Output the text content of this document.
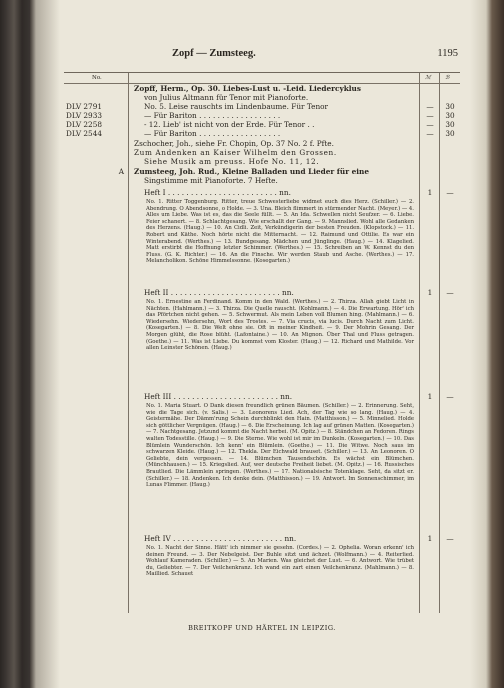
Zopf — Zumsteeg.	1195
No.	ℳ	ℬ
Zopff, Herm., Op. 30. Liebes-Lust u. -Leid. Liedercyklus
von Julius Altmann für Tenor mit Pianoforte.
DLV 2791	No. 5. Leise rauschts im Lindenbaume. Für Tenor	—	30
DLV 2933	— Für Bariton . . . . . . . . . . . . . . . . . .	—	30
DLV 2258	- 12. Lieb' ist nicht von der Erde. Für Tenor . .	—	30
DLV 2544	— Für Bariton . . . . . . . . . . . . . . . . . .	—	30
Zschocher, Joh., siehe Fr. Chopin, Op. 37 No. 2 f. Pfte.
Zum Andenken an Kaiser Wilhelm den Grossen.
Siehe Musik am preuss. Hofe No. 11, 12.
A Zumsteeg, Joh. Rud., Kleine Balladen und Lieder für eine
Singstimme mit Pianoforte. 7 Hefte.
Heft I . . . . . . . . . . . . . . . . . . . . . . . . nn.	1	—
No. 1. Ritter Toggenburg. Ritter, treue Schwesterliebe widmet euch dies Herz. (Schiller.) — 2. Abendrung. O Abendsonne, o Holde. — 3. Una. Bleich flimmert in stürmender Nacht. (Meyer.) — 4. Alles um Liebe. Was ist es, das die Seele füllt. — 5. An Ida. Schwellen nicht Seufzer. — 6. Liebe. Feier schanert. — 8. Schlachtgesang. Wie erschallt der Gang. — 9. Mannslied. Wohl alle Gedanken des Herzens. (Haug.) — 10. An Cidli. Zeit, Verkündigerin der besten Freuden. (Klopstock.) — 11. Robert und Käthe. Noch hörte nicht die Mitternacht. — 12. Raimund und Ottilie. Es war ein Winterabend. (Werthes.) — 13. Bundgesang. Mädchen und Jünglinge. (Haug.) — 14. Klagelied. Matt erstirbt die Hoffnung letzter Schimmer. (Werthes.) — 15. Schreiben an W. Kennst du den Fluss. (G. K. Richter.) — 16. An die Finsche. Wir werden Staub und Asche. (Werthes.) — 17. Melancholikon. Schöne Himmelssonne. (Kosegarten.)
Heft II . . . . . . . . . . . . . . . . . . . . . . . . nn.	1	—
No. 1. Ernestine an Ferdinand. Komm in den Wald. (Werthes.) — 2. Thirza. Allah giebt Licht in Nächten. (Hahlmann.) — 3. Thirza. Die Quelle rauscht. (Kohlmann.) — 4. Die Erwartung. Hör' ich das Pförtchen nicht gehen. — 5. Schwermut. Als mein Leben voll Blumen hing. (Mahlmann.) — 6. Wiedersehn. Wiedersehn, Wort des Trostes. — 7. Via crucis, via lucis. Durch Nacht zum Licht. (Kosegarten.) — 8. Die Welt ohne sie. Oft in meiner Kindheit. — 9. Der Mohrin Gesang. Der Morgen glüht, die Rose blüht. (Lafontaine.) — 10. An Mignon. Über Thal und Fluss getragen. (Goethe.) — 11. Was ist Liebe. Du kommst vom Kloster. (Haug.) — 12. Richard und Mathilde. Vor allen Leinster Schönen. (Haug.)
Heft III . . . . . . . . . . . . . . . . . . . . . . . nn.	1	—
No. 1. Maria Stuart. O Dank diesen freundlich grünen Bäumen. (Schiller.) — 2. Erinnerung. Seht, wie die Tage sich. (v. Salis.) — 3. Leonorens Lied. Ach, der Tag wie so lang. (Haug.) — 4. Geistermähe. Der Dämm'rung Schein durchblinkt den Hain. (Matthisson.) — 5. Minnelied. Holde sich göttlicher Vergnügen. (Haug.) — 6. Die Erscheinung. Ich lag auf grünen Matten. (Kosegarten.) — 7. Nachtgesang. Jetzund kommt die Nacht herbei. (M. Opitz.) — 8. Ständchen an Fedoren. Rings walten Todesstille. (Haug.) — 9. Die Sterne. Wie wohl ist mir im Dunkeln. (Kosegarten.) — 10. Das Blümlein Wunderschön. Ich kenn' ein Blümlein. (Goethe.) — 11. Die Witwe. Noch saus im schwarzen Kleide. (Haug.) — 12. Thekla. Der Eichwald brauset. (Schiller.) — 13. An Leonoren. O Geliebte, dein vergessen. — 14. Blümchen Tausendschön. Es wächst ein Blümchen. (Münchhausen.) — 15. Kriegslied. Auf, wer deutsche Freiheit liebet. (M. Opitz.) — 16. Russisches Brautlied. Die Lämmlein springen. (Werthes.) — 17. Nationalsische Totenklage. Seht, da sitzt er. (Schiller.) — 18. Andenken. Ich denke dein. (Matthisson.) — 19. Antwort. Im Sonnenschimmer, im Lunas Flimmer. (Haug.)
Heft IV . . . . . . . . . . . . . . . . . . . . . . . . nn.	1	—
No. 1. Nacht der Sinne. Hätt' ich nimmer sie gesehn. (Cordes.) — 2. Ophelia. Woran erkenn' ich deinen Freund. — 3. Der Nebelgeist. Der Buhle sitzt und ächzet. (Wolfmann.) — 4. Reiterlied. Wohlauf Kameraden. (Schiller.) — 5. An Marien. Was gleichet der Lust. — 6. Antwort. Wie trübet du, Geliebter. — 7. Der Veilchenkranz. Ich wand ein zart einen Veilchenkranz. (Mahlmann.) — 8. Maillied. Schauet
BREITKOPF UND HÄRTEL IN LEIPZIG.
